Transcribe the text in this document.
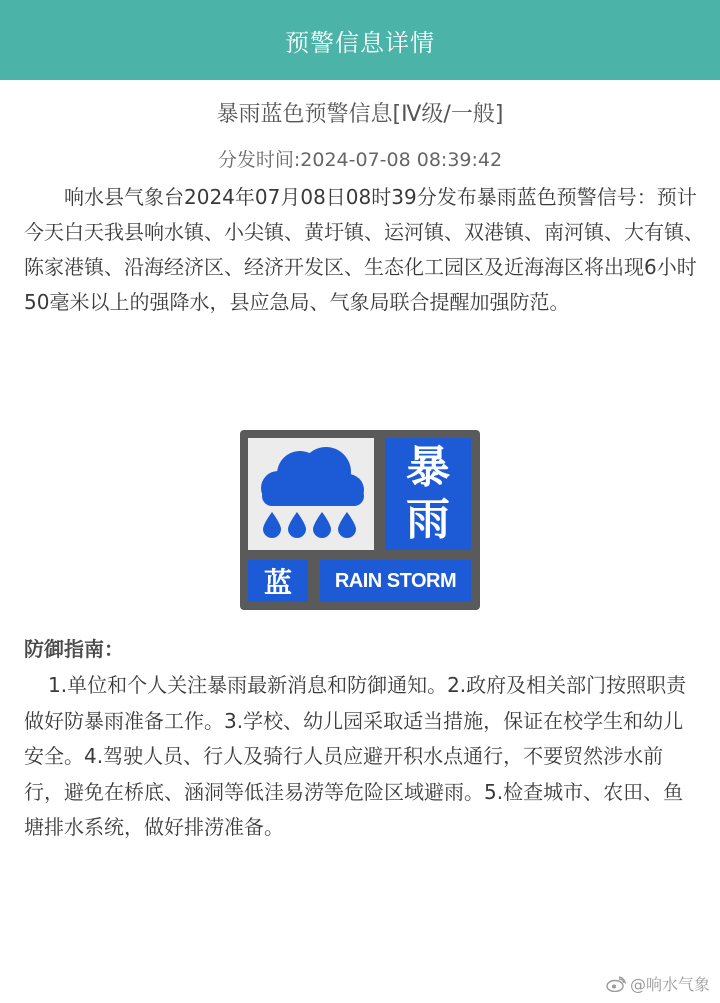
预警信息详情
暴雨蓝色预警信息[Ⅳ级/一般]
分发时间:2024-07-08 08:39:42
响水县气象台2024年07月08日08时39分发布暴雨蓝色预警信号：预计今天白天我县响水镇、小尖镇、黄圩镇、运河镇、双港镇、南河镇、大有镇、陈家港镇、沿海经济区、经济开发区、生态化工园区及近海海区将出现6小时50毫米以上的强降水，县应急局、气象局联合提醒加强防范。
暴
雨
蓝 RAIN STORM
防御指南：
1.单位和个人关注暴雨最新消息和防御通知。2.政府及相关部门按照职责做好防暴雨准备工作。3.学校、幼儿园采取适当措施，保证在校学生和幼儿安全。4.驾驶人员、行人及骑行人员应避开积水点通行，不要贸然涉水前行，避免在桥底、涵洞等低洼易涝等危险区域避雨。5.检查城市、农田、鱼塘排水系统，做好排涝准备。
@响水气象
